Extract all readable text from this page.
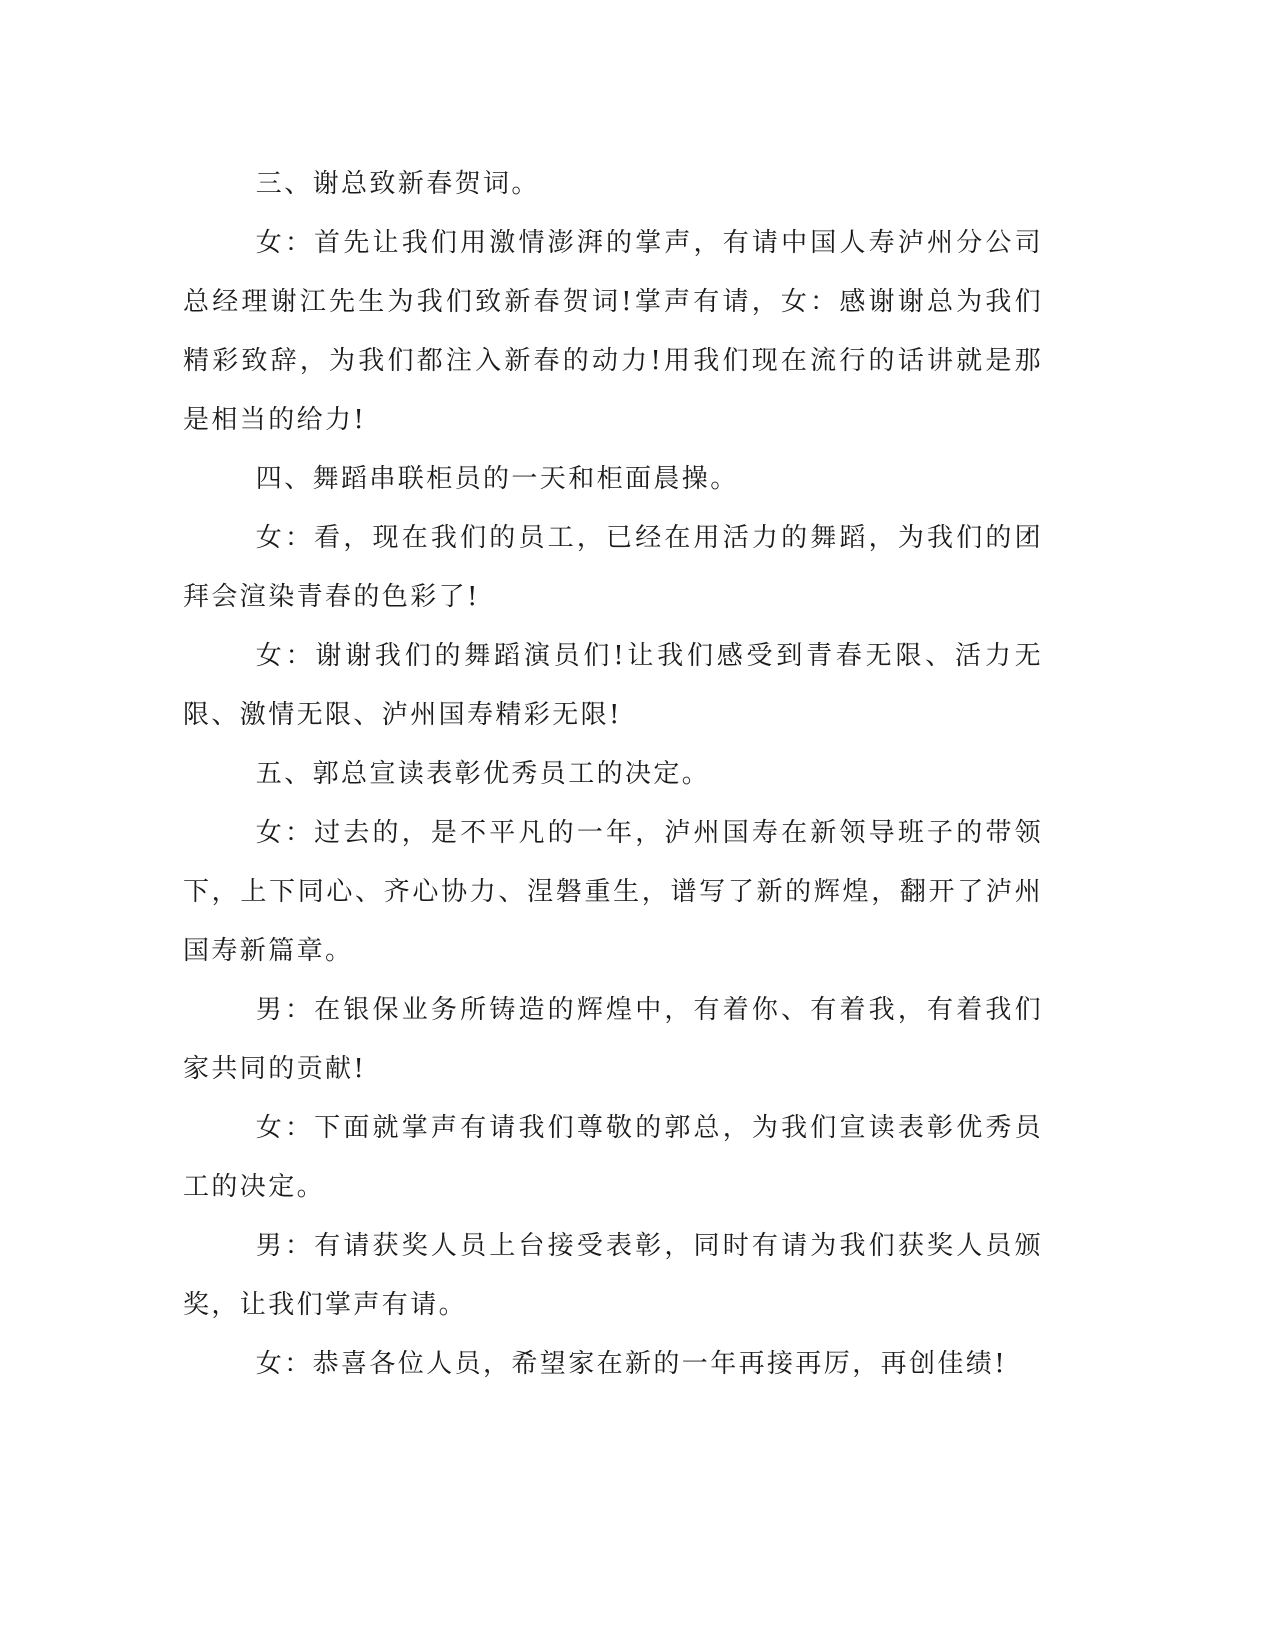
三、谢总致新春贺词。

女：首先让我们用激情澎湃的掌声，有请中国人寿泸州分公司总经理谢江先生为我们致新春贺词!掌声有请，女：感谢谢总为我们精彩致辞，为我们都注入新春的动力!用我们现在流行的话讲就是那是相当的给力!

四、舞蹈串联柜员的一天和柜面晨操。

女：看，现在我们的员工，已经在用活力的舞蹈，为我们的团拜会渲染青春的色彩了!

女：谢谢我们的舞蹈演员们!让我们感受到青春无限、活力无限、激情无限、泸州国寿精彩无限!

五、郭总宣读表彰优秀员工的决定。

女：过去的，是不平凡的一年，泸州国寿在新领导班子的带领下，上下同心、齐心协力、涅磐重生，谱写了新的辉煌，翻开了泸州国寿新篇章。

男：在银保业务所铸造的辉煌中，有着你、有着我，有着我们家共同的贡献!

女：下面就掌声有请我们尊敬的郭总，为我们宣读表彰优秀员工的决定。

男：有请获奖人员上台接受表彰，同时有请为我们获奖人员颁奖，让我们掌声有请。

女：恭喜各位人员，希望家在新的一年再接再厉，再创佳绩!
